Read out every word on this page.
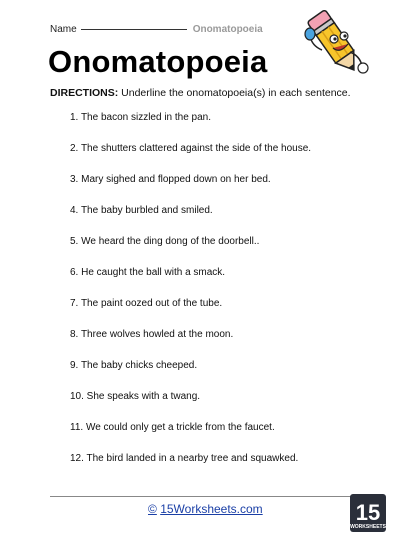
Name	Onomatopoeia
Onomatopoeia
DIRECTIONS: Underline the onomatopoeia(s) in each sentence.
1. The bacon sizzled in the pan.
2. The shutters clattered against the side of the house.
3. Mary sighed and flopped down on her bed.
4. The baby burbled and smiled.
5. We heard the ding dong of the doorbell..
6. He caught the ball with a smack.
7. The paint oozed out of the tube.
8. Three wolves howled at the moon.
9. The baby chicks cheeped.
10. She speaks with a twang.
11. We could only get a trickle from the faucet.
12. The bird landed in a nearby tree and squawked.
© 15Worksheets.com	15
WORKSHEETS
